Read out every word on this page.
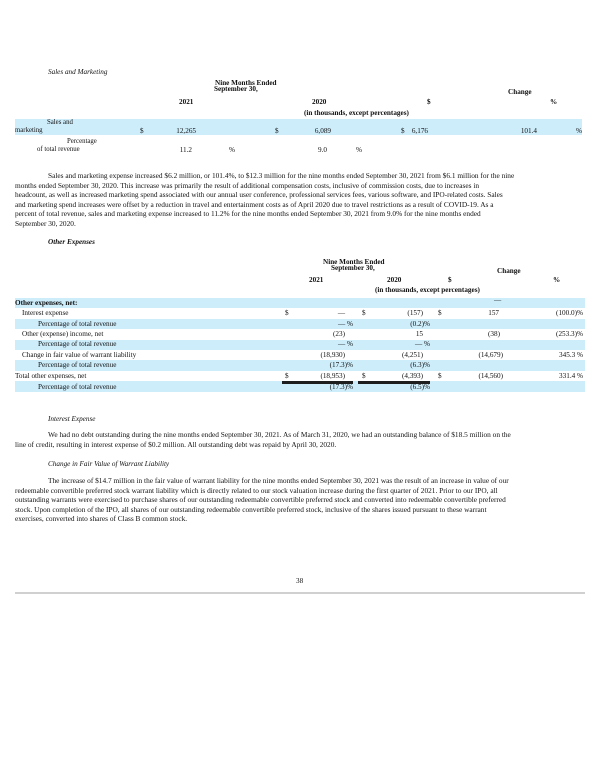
Sales and Marketing
Nine Months Ended
September 30,	Change
2021	2020	$	%
(in thousands, except percentages)
Sales and
marketing	$	12,265	$	6,089	$ 6,176	101.4	%
Percentage
of total revenue	11.2	%	9.0	%
Sales and marketing expense increased $6.2 million, or 101.4%, to $12.3 million for the nine months ended September 30, 2021 from $6.1 million for the nine
months ended September 30, 2020. This increase was primarily the result of additional compensation costs, inclusive of commission costs, due to increases in
headcount, as well as increased marketing spend associated with our annual user conference, professional services fees, various software, and IPO-related costs. Sales
and marketing spend increases were offset by a reduction in travel and entertainment costs as of April 2020 due to travel restrictions as a result of COVID-19. As a
percent of total revenue, sales and marketing expense increased to 11.2% for the nine months ended September 30, 2021 from 9.0% for the nine months ended
September 30, 2020.
Other Expenses
Nine Months Ended
September 30,	Change
2021	2020	$	%
(in thousands, except percentages)
Other expenses, net:	—
Interest expense	$	— $	(157) $	157	(100.0)%
Percentage of total revenue	— %	(0.2)%
Other (expense) income, net	(23)	15	(38)	(253.3)%
Percentage of total revenue	— %	— %
Change in fair value of warrant liability	(18,930)	(4,251)	(14,679)	345.3 %
Percentage of total revenue	(17.3)%	(6.3)%
Total other expenses, net	$	(18,953) $	(4,393) $	(14,560)	331.4 %
Percentage of total revenue	(17.3)%	(6.5)%
Interest Expense
We had no debt outstanding during the nine months ended September 30, 2021. As of March 31, 2020, we had an outstanding balance of $18.5 million on the
line of credit, resulting in interest expense of $0.2 million. All outstanding debt was repaid by April 30, 2020.
Change in Fair Value of Warrant Liability
The increase of $14.7 million in the fair value of warrant liability for the nine months ended September 30, 2021 was the result of an increase in value of our
redeemable convertible preferred stock warrant liability which is directly related to our stock valuation increase during the first quarter of 2021. Prior to our IPO, all
outstanding warrants were exercised to purchase shares of our outstanding redeemable convertible preferred stock and converted into redeemable convertible preferred
stock. Upon completion of the IPO, all shares of our outstanding redeemable convertible preferred stock, inclusive of the shares issued pursuant to these warrant
exercises, converted into shares of Class B common stock.
38
